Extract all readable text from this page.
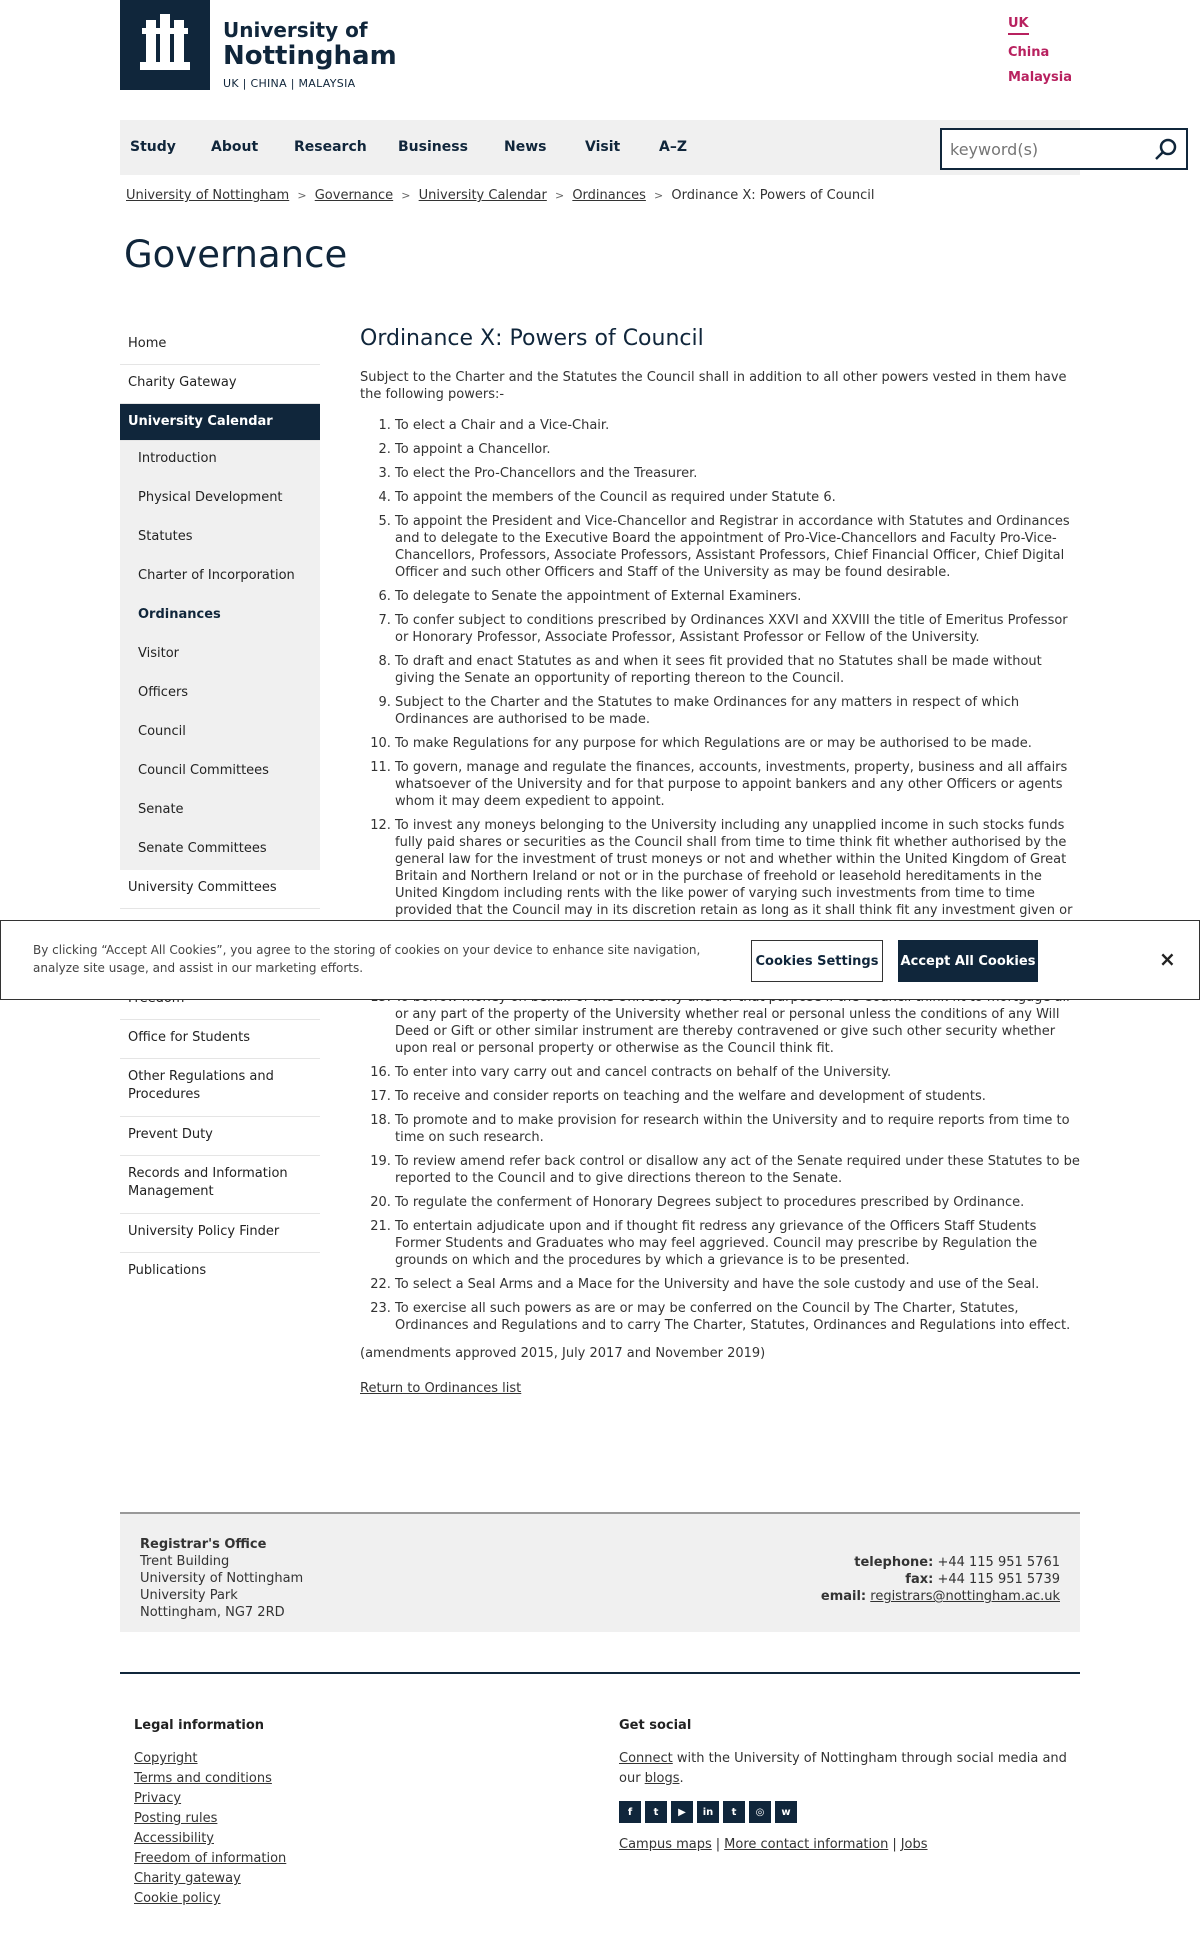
University of
Nottingham
UK | CHINA | MALAYSIA
UK
China
Malaysia
Study	About	Research Business	News	Visit	A–Z
keyword(s)
University of Nottingham > Governance > University Calendar > Ordinances > Ordinance X: Powers of Council
Governance
Home
Charity Gateway
University Calendar
Introduction
Physical Development
Statutes
Charter of Incorporation
Ordinances
Visitor
Officers
Council
Council Committees
Senate
Senate Committees
University Committees
Office for Students
Other Regulations and Procedures
Prevent Duty
Records and Information Management
University Policy Finder
Publications
Ordinance X: Powers of Council

Subject to the Charter and the Statutes the Council shall in addition to all other powers vested in them have the following powers:-

1. To elect a Chair and a Vice-Chair.
2. To appoint a Chancellor.
3. To elect the Pro-Chancellors and the Treasurer.
4. To appoint the members of the Council as required under Statute 6.
5. To appoint the President and Vice-Chancellor and Registrar in accordance with Statutes and Ordinances and to delegate to the Executive Board the appointment of Pro-Vice-Chancellors and Faculty Pro-Vice-Chancellors, Professors, Associate Professors, Assistant Professors, Chief Financial Officer, Chief Digital Officer and such other Officers and Staff of the University as may be found desirable.
6. To delegate to Senate the appointment of External Examiners.
7. To confer subject to conditions prescribed by Ordinances XXVI and XXVIII the title of Emeritus Professor or Honorary Professor, Associate Professor, Assistant Professor or Fellow of the University.
8. To draft and enact Statutes as and when it sees fit provided that no Statutes shall be made without giving the Senate an opportunity of reporting thereon to the Council.
9. Subject to the Charter and the Statutes to make Ordinances for any matters in respect of which Ordinances are authorised to be made.
10. To make Regulations for any purpose for which Regulations are or may be authorised to be made.
11. To govern, manage and regulate the finances, accounts, investments, property, business and all affairs whatsoever of the University and for that purpose to appoint bankers and any other Officers or agents whom it may deem expedient to appoint.
12. To invest any moneys belonging to the University including any unapplied income in such stocks funds fully paid shares or securities as the Council shall from time to time think fit whether authorised by the general law for the investment of trust moneys or not and whether within the United Kingdom of Great Britain and Northern Ireland or not or in the purchase of freehold or leasehold hereditaments in the United Kingdom including rents with the like power of varying such investments from time to time provided that the Council may in its discretion retain as long as it shall think fit any investment given or
15. or any part of the property of the University whether real or personal unless the conditions of any Will Deed or Gift or other similar instrument are thereby contravened or give such other security whether upon real or personal property or otherwise as the Council think fit.
16. To enter into vary carry out and cancel contracts on behalf of the University.
17. To receive and consider reports on teaching and the welfare and development of students.
18. To promote and to make provision for research within the University and to require reports from time to time on such research.
19. To review amend refer back control or disallow any act of the Senate required under these Statutes to be reported to the Council and to give directions thereon to the Senate.
20. To regulate the conferment of Honorary Degrees subject to procedures prescribed by Ordinance.
21. To entertain adjudicate upon and if thought fit redress any grievance of the Officers Staff Students Former Students and Graduates who may feel aggrieved. Council may prescribe by Regulation the grounds on which and the procedures by which a grievance is to be presented.
22. To select a Seal Arms and a Mace for the University and have the sole custody and use of the Seal.
23. To exercise all such powers as are or may be conferred on the Council by The Charter, Statutes, Ordinances and Regulations and to carry The Charter, Statutes, Ordinances and Regulations into effect.

(amendments approved 2015, July 2017 and November 2019)

Return to Ordinances list
By clicking “Accept All Cookies”, you agree to the storing of cookies on your device to enhance site navigation, analyze site usage, and assist in our marketing efforts.	Cookies Settings	Accept All Cookies	×
Registrar's Office
Trent Building
University of Nottingham
University Park
Nottingham, NG7 2RD
telephone: +44 115 951 5761
fax: +44 115 951 5739
email: registrars@nottingham.ac.uk
Legal information
Copyright
Terms and conditions
Privacy
Posting rules
Accessibility
Freedom of information
Charity gateway
Cookie policy
Get social

Connect with the University of Nottingham through social media and our blogs.

f	t	▶	in	t	◎	w
Campus maps | More contact information | Jobs
